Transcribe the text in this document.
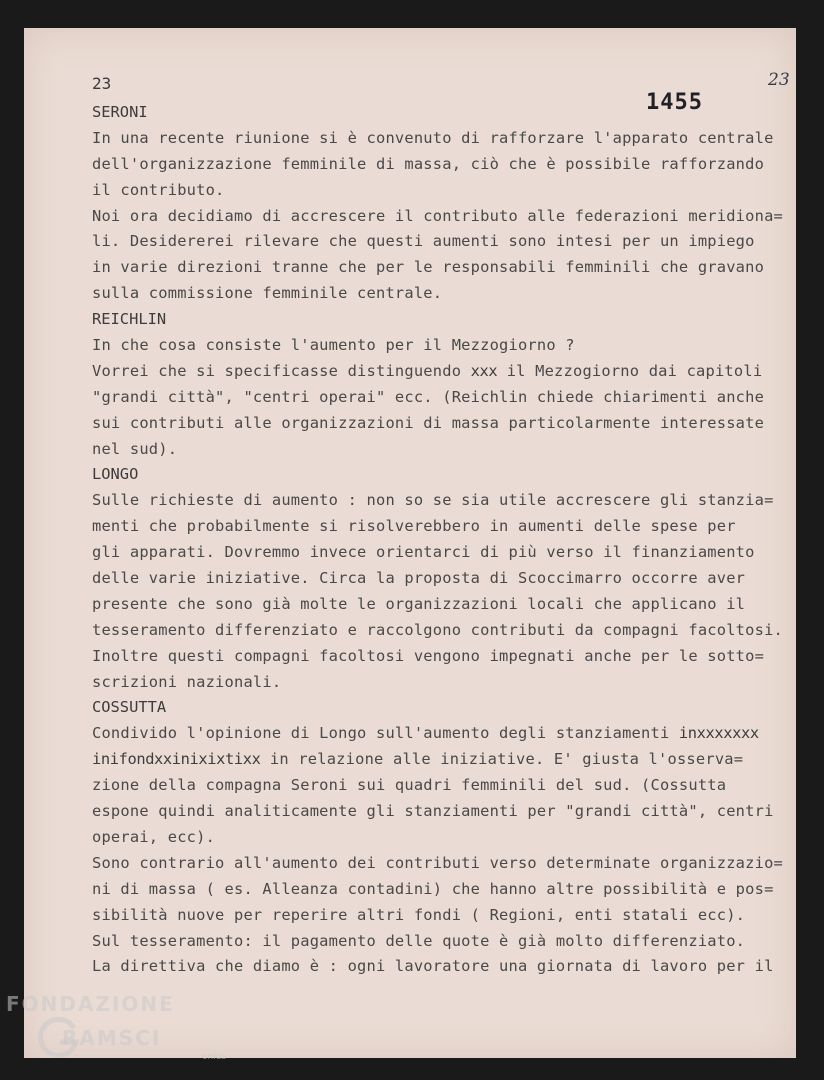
23
23
1455
SERONI
In una recente riunione si è convenuto di rafforzare l'apparato centrale
dell'organizzazione femminile di massa, ciò che è possibile rafforzando
il contributo.
Noi ora decidiamo di accrescere il contributo alle federazioni meridiona=
li. Desidererei rilevare che questi aumenti sono intesi per un impiego
in varie direzioni tranne che per le responsabili femminili che gravano
sulla commissione femminile centrale.
REICHLIN
In che cosa consiste l'aumento per il Mezzogiorno ?
Vorrei che si specificasse distinguendo xxx il Mezzogiorno dai capitoli
"grandi città", "centri operai" ecc. (Reichlin chiede chiarimenti anche
sui contributi alle organizzazioni di massa particolarmente interessate
nel sud).
LONGO
Sulle richieste di aumento : non so se sia utile accrescere gli stanzia=
menti che probabilmente si risolverebbero in aumenti delle spese per
gli apparati. Dovremmo invece orientarci di più verso il finanziamento
delle varie iniziative. Circa la proposta di Scoccimarro occorre aver
presente che sono già molte le organizzazioni locali che applicano il
tesseramento differenziato e raccolgono contributi da compagni facoltosi.
Inoltre questi compagni facoltosi vengono impegnati anche per le sotto=
scrizioni nazionali.
COSSUTTA
Condivido l'opinione di Longo sull'aumento degli stanziamenti inxxxxxxx
inifondxxinixixtixx in relazione alle iniziative. E' giusta l'osserva=
zione della compagna Seroni sui quadri femminili del sud. (Cossutta
espone quindi analiticamente gli stanziamenti per "grandi città", centri
operai, ecc).
Sono contrario all'aumento dei contributi verso determinate organizzazio=
ni di massa ( es. Alleanza contadini) che hanno altre possibilità e pos=
sibilità nuove per reperire altri fondi ( Regioni, enti statali ecc).
Sul tesseramento: il pagamento delle quote è già molto differenziato.
La direttiva che diamo è : ogni lavoratore una giornata di lavoro per il
FONDAZIONE
RAMSCI
onlus
